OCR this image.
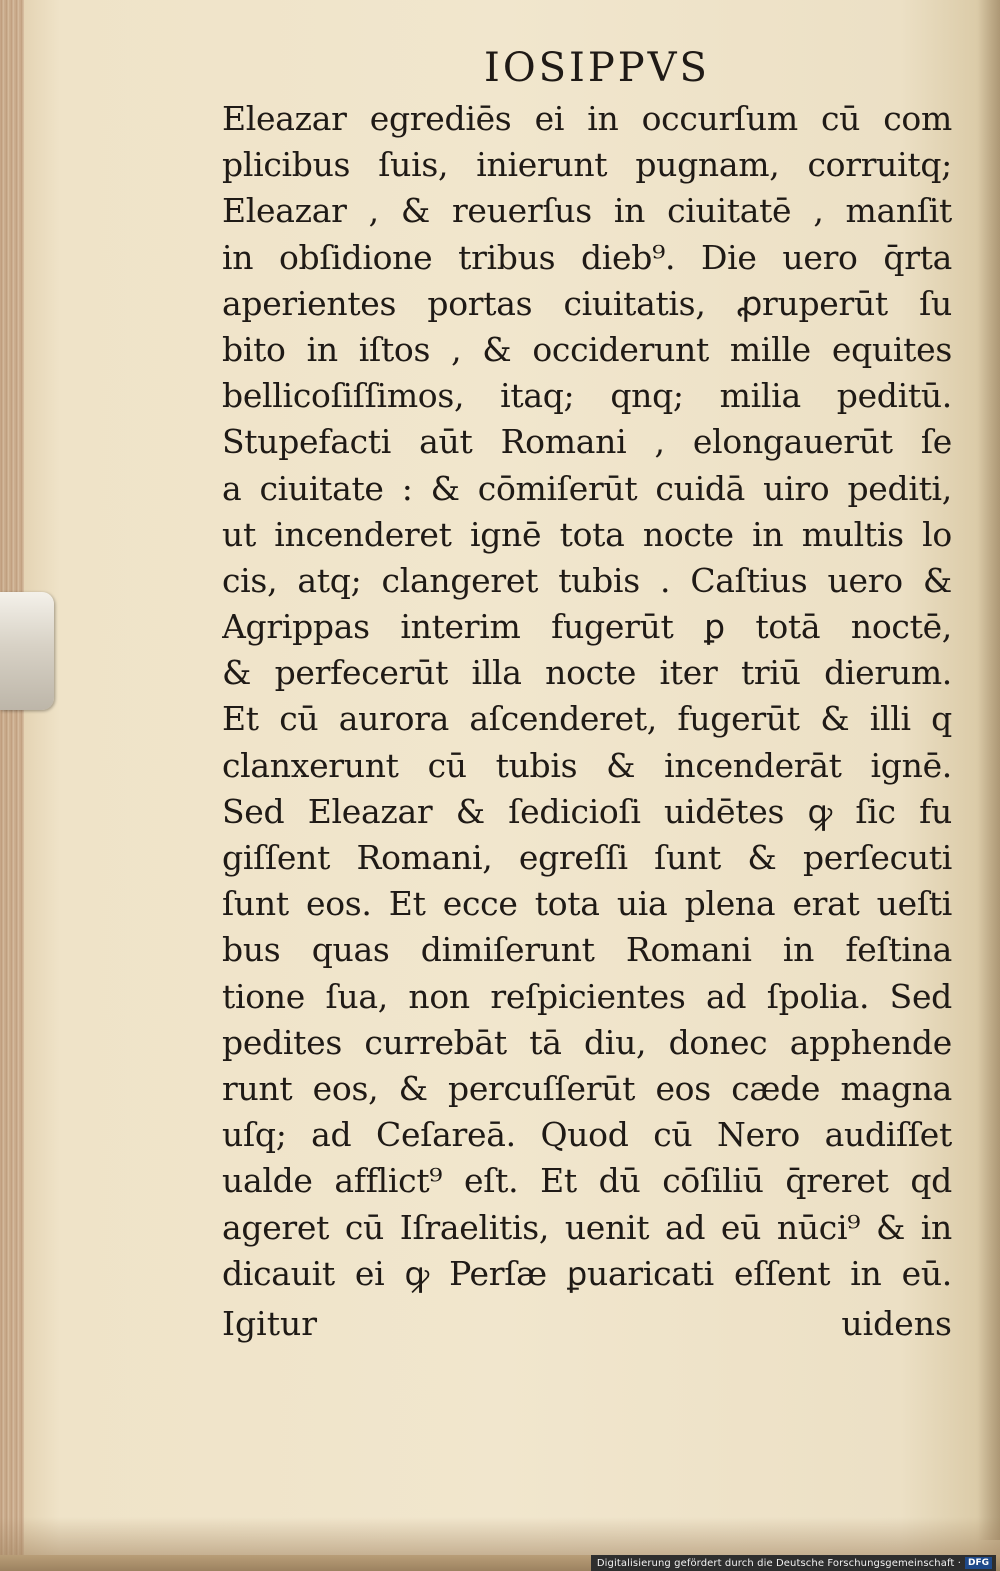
IOSIPPVS
Eleazar egrediēs ei in occurſum cū com
plicibus ſuis, inierunt pugnam, corruitq;
Eleazar , & reuerſus in ciuitatē , manſit
in obſidione tribus dieb⁹. Die uero q̄rta
aperientes portas ciuitatis, ꝓruperūt ſu
bito in iſtos , & occiderunt mille equites
bellicoſiſſimos, itaq; qnq; milia peditū.
Stupefacti aūt Romani , elongauerūt ſe
a ciuitate : & cōmiſerūt cuidā uiro pediti,
ut incenderet ignē tota nocte in multis lo
cis, atq; clangeret tubis . Caſtius uero &
Agrippas interim fugerūt ꝑ totā noctē,
& perfecerūt illa nocte iter triū dierum.
Et cū aurora aſcenderet, fugerūt & illi q
clanxerunt cū tubis & incenderāt ignē.
Sed Eleazar & ſedicioſi uidētes ꝙ ſic fu
giſſent Romani, egreſſi ſunt & perſecuti
ſunt eos. Et ecce tota uia plena erat ueſti
bus quas dimiſerunt Romani in feſtina
tione ſua, non reſpicientes ad ſpolia. Sed
pedites currebāt tā diu, donec apphende
runt eos, & percuſſerūt eos cæde magna
uſq; ad Ceſareā. Quod cū Nero audiſſet
ualde afflict⁹ eſt. Et dū cōſiliū q̄reret qd
ageret cū Iſraelitis, uenit ad eū nūci⁹ & in
dicauit ei ꝙ Perſæ ꝑuaricati eſſent in eū.
Igitur	uidens
Digitalisierung gefördert durch die Deutsche Forschungsgemeinschaft · DFG
